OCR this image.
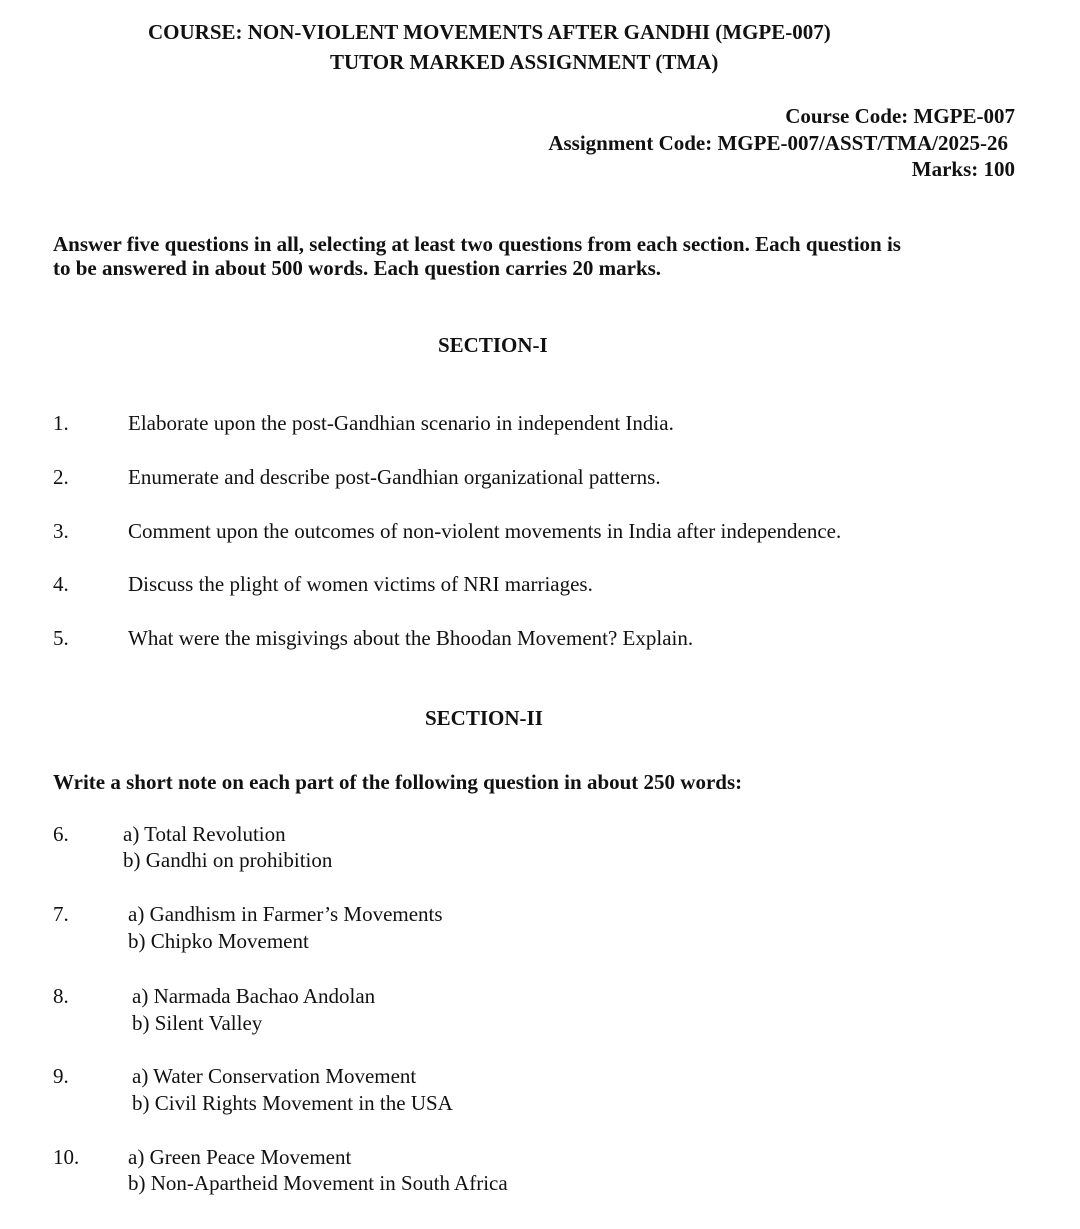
COURSE: NON-VIOLENT MOVEMENTS AFTER GANDHI (MGPE-007)
TUTOR MARKED ASSIGNMENT (TMA)
Course Code: MGPE-007
Assignment Code: MGPE-007/ASST/TMA/2025-26
Marks: 100
Answer five questions in all, selecting at least two questions from each section. Each question is
to be answered in about 500 words. Each question carries 20 marks.
SECTION-I
1.	Elaborate upon the post-Gandhian scenario in independent India.
2.	Enumerate and describe post-Gandhian organizational patterns.
3.	Comment upon the outcomes of non-violent movements in India after independence.
4.	Discuss the plight of women victims of NRI marriages.
5.	What were the misgivings about the Bhoodan Movement? Explain.
SECTION-II
Write a short note on each part of the following question in about 250 words:
6.	a) Total Revolution
b) Gandhi on prohibition
7.	a) Gandhism in Farmer’s Movements
b) Chipko Movement
8.	a) Narmada Bachao Andolan
b) Silent Valley
9.	a) Water Conservation Movement
b) Civil Rights Movement in the USA
10. a) Green Peace Movement
b) Non-Apartheid Movement in South Africa
